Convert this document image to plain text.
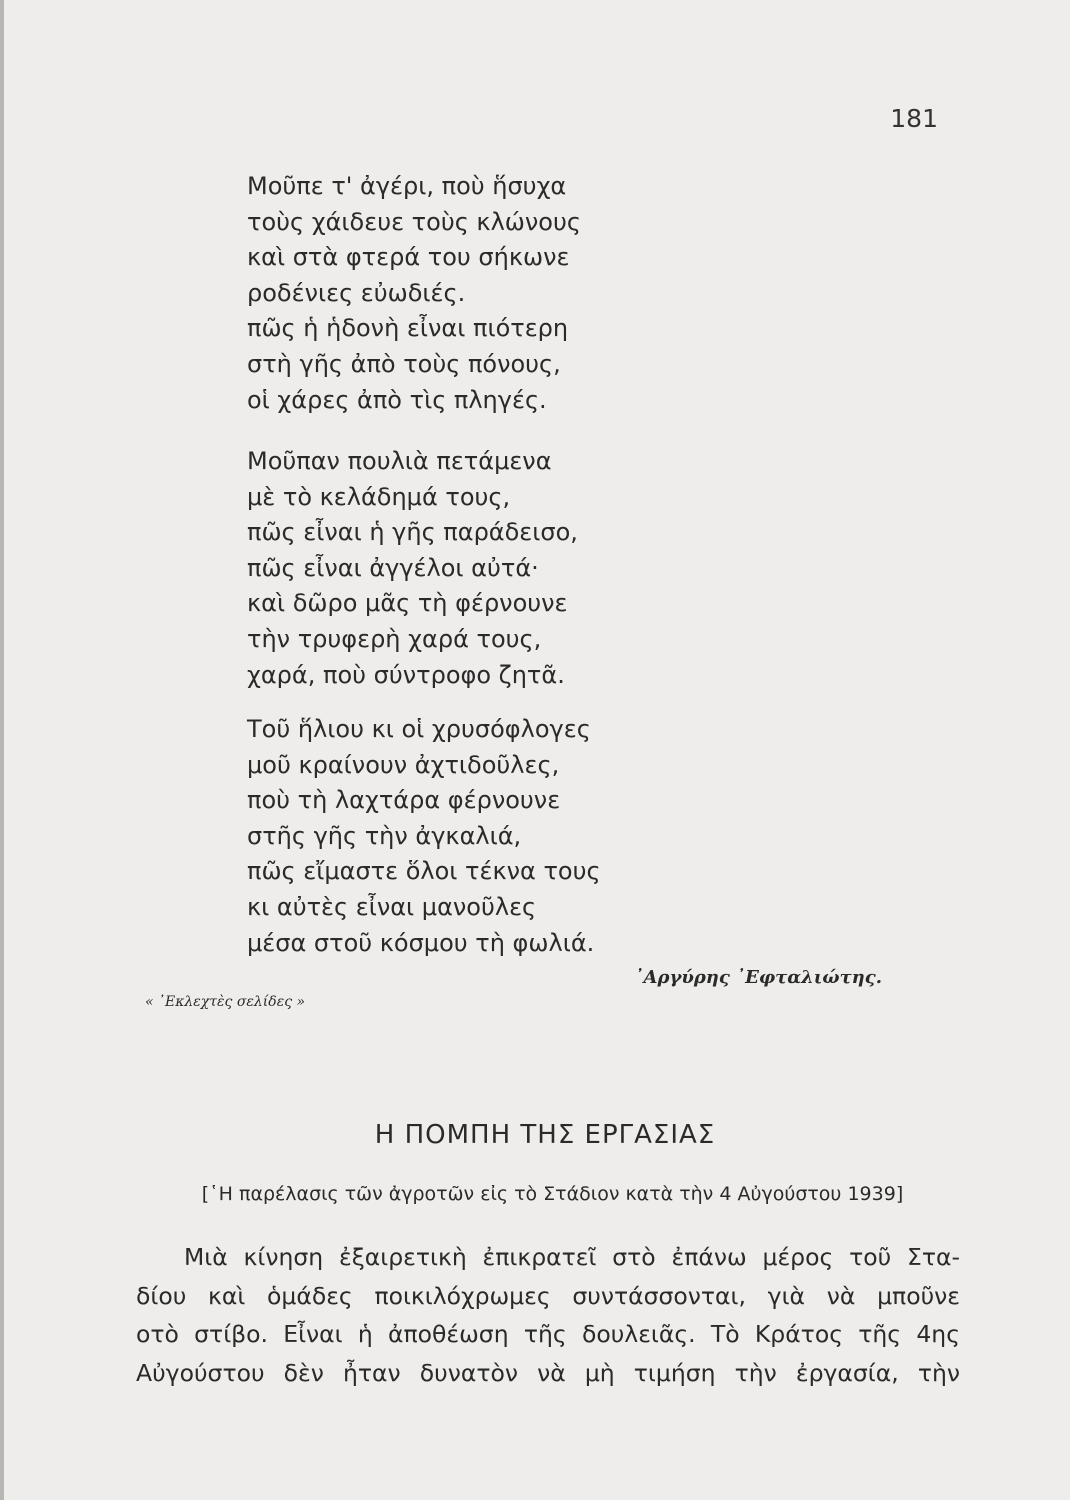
181
Μοῦπε τ' ἀγέρι, ποὺ ἥσυχα
τοὺς χάιδευε τοὺς κλώνους
καὶ στὰ φτερά του σήκωνε
ροδένιες εὐωδιές.
πῶς ἡ ἡδονὴ εἶναι πιότερη
στὴ γῆς ἀπὸ τοὺς πόνους,
οἱ χάρες ἀπὸ τὶς πληγές.
Μοῦπαν πουλιὰ πετάμενα
μὲ τὸ κελάδημά τους,
πῶς εἶναι ἡ γῆς παράδεισο,
πῶς εἶναι ἀγγέλοι αὐτά·
καὶ δῶρο μᾶς τὴ φέρνουνε
τὴν τρυφερὴ χαρά τους,
χαρά, ποὺ σύντροφο ζητᾶ.
Τοῦ ἥλιου κι οἱ χρυσόφλογες
μοῦ κραίνουν ἀχτιδοῦλες,
ποὺ τὴ λαχτάρα φέρνουνε
στῆς γῆς τὴν ἀγκαλιά,
πῶς εἴμαστε ὅλοι τέκνα τους
κι αὐτὲς εἶναι μανοῦλες
μέσα στοῦ κόσμου τὴ φωλιά.
᾿Αργύρης ᾿Εφταλιώτης.
« ᾿Εκλεχτὲς σελίδες »
Η ΠΟΜΠΗ ΤΗΣ ΕΡΓΑΣΙΑΣ
[῾Η παρέλασις τῶν ἀγροτῶν εἰς τὸ Στάδιον κατὰ τὴν 4 Αὐγούστου 1939]
Μιὰ κίνηση ἐξαιρετικὴ ἐπικρατεῖ στὸ ἐπάνω μέρος τοῦ Στα-
δίου καὶ ὁμάδες ποικιλόχρωμες συντάσσονται, γιὰ νὰ μποῦνε
οτὸ στίβο. Εἶναι ἡ ἀποθέωση τῆς δουλειᾶς. Τὸ Κράτος τῆς 4ης
Αὐγούστου δὲν ἦταν δυνατὸν νὰ μὴ τιμήση τὴν ἐργασία, τὴν
